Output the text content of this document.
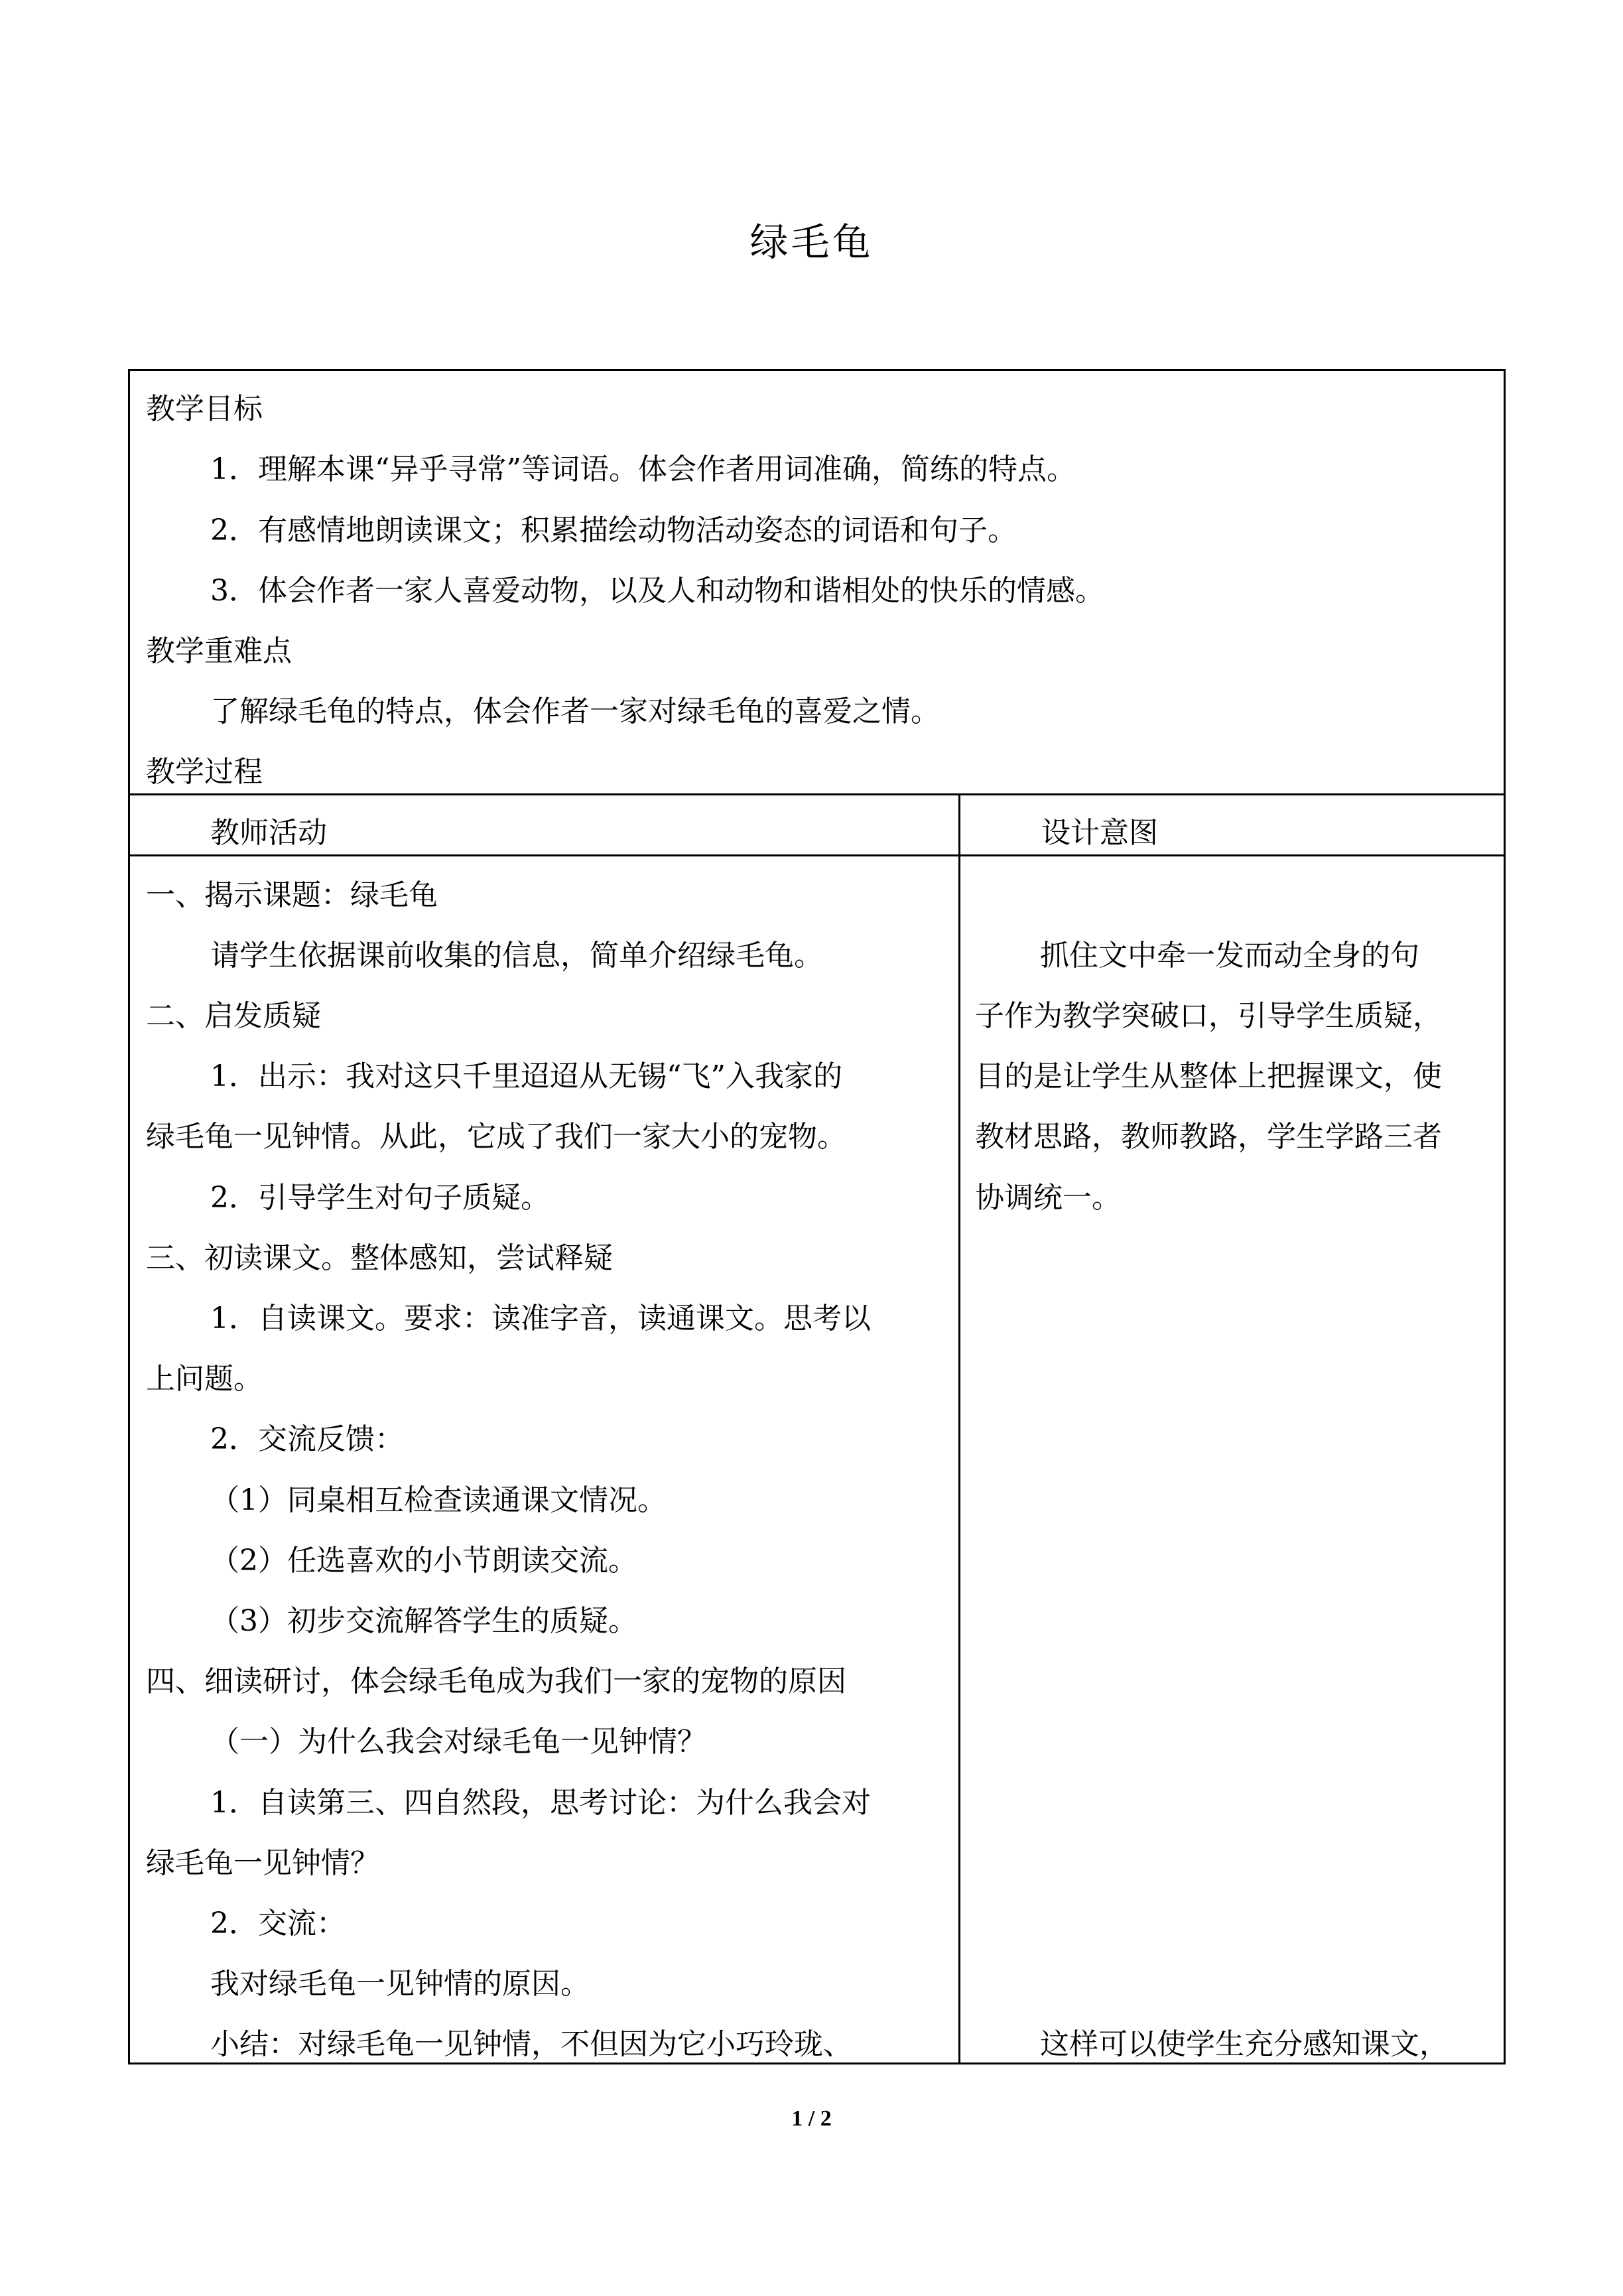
绿毛龟
教学目标
1．理解本课“异乎寻常”等词语。体会作者用词准确，简练的特点。
2．有感情地朗读课文；积累描绘动物活动姿态的词语和句子。
3．体会作者一家人喜爱动物，以及人和动物和谐相处的快乐的情感。
教学重难点
了解绿毛龟的特点，体会作者一家对绿毛龟的喜爱之情。
教学过程
教师活动	设计意图
一、揭示课题：绿毛龟
请学生依据课前收集的信息，简单介绍绿毛龟。
二、启发质疑
1．出示：我对这只千里迢迢从无锡“飞”入我家的
绿毛龟一见钟情。从此，它成了我们一家大小的宠物。
2．引导学生对句子质疑。
三、初读课文。整体感知，尝试释疑
1．自读课文。要求：读准字音，读通课文。思考以
上问题。
2．交流反馈：
（1）同桌相互检查读通课文情况。
（2）任选喜欢的小节朗读交流。
（3）初步交流解答学生的质疑。
四、细读研讨，体会绿毛龟成为我们一家的宠物的原因
（一）为什么我会对绿毛龟一见钟情？
1．自读第三、四自然段，思考讨论：为什么我会对
绿毛龟一见钟情？
2．交流：
我对绿毛龟一见钟情的原因。
小结：对绿毛龟一见钟情，不但因为它小巧玲珑、
抓住文中牵一发而动全身的句
子作为教学突破口，引导学生质疑，
目的是让学生从整体上把握课文，使
教材思路，教师教路，学生学路三者
协调统一。
这样可以使学生充分感知课文，
1 / 2
